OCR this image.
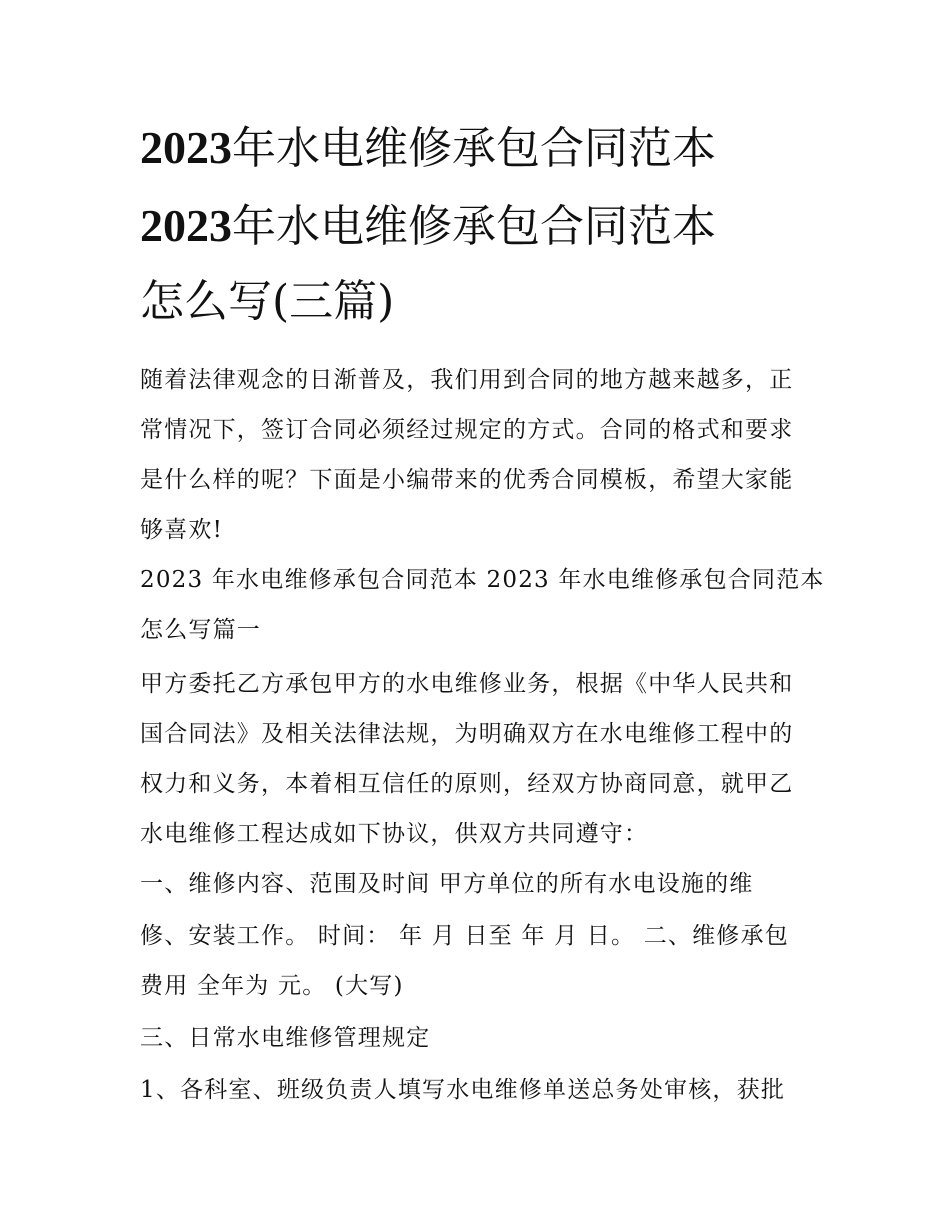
2023年水电维修承包合同范本
2023年水电维修承包合同范本
怎么写(三篇)
随着法律观念的日渐普及，我们用到合同的地方越来越多，正
常情况下，签订合同必须经过规定的方式。合同的格式和要求
是什么样的呢？下面是小编带来的优秀合同模板，希望大家能
够喜欢!
2023 年水电维修承包合同范本 2023 年水电维修承包合同范本
怎么写篇一
甲方委托乙方承包甲方的水电维修业务，根据《中华人民共和
国合同法》及相关法律法规，为明确双方在水电维修工程中的
权力和义务，本着相互信任的原则，经双方协商同意，就甲乙
水电维修工程达成如下协议，供双方共同遵守：
一、维修内容、范围及时间 甲方单位的所有水电设施的维
修、安装工作。 时间： 年 月 日至 年 月 日。 二、维修承包
费用 全年为 元。 (大写)
三、日常水电维修管理规定
1、各科室、班级负责人填写水电维修单送总务处审核，获批
